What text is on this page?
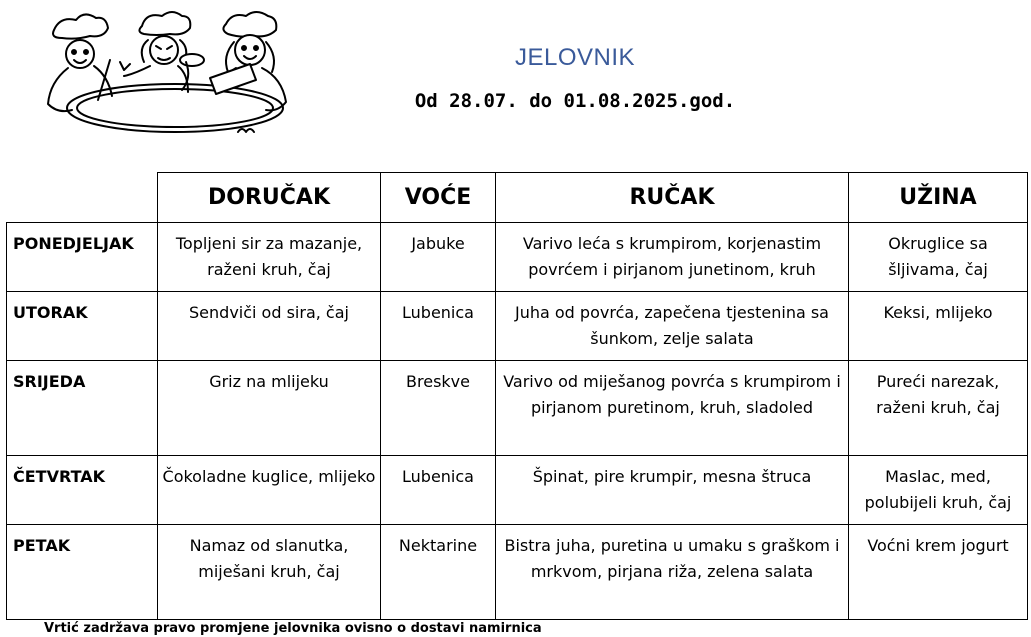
JELOVNIK
Od 28.07. do 01.08.2025.god.
	DORUČAK	VOĆE	RUČAK	UŽINA
PONEDJELJAK	Topljeni sir za mazanje, raženi kruh, čaj	Jabuke	Varivo leća s krumpirom, korjenastim povrćem i pirjanom junetinom, kruh	Okruglice sa šljivama, čaj
UTORAK	Sendviči od sira, čaj	Lubenica	Juha od povrća, zapečena tjestenina sa šunkom, zelje salata	Keksi, mlijeko
SRIJEDA	Griz na mlijeku	Breskve	Varivo od miješanog povrća s krumpirom i pirjanom puretinom, kruh, sladoled	Pureći narezak, raženi kruh, čaj
ČETVRTAK	Čokoladne kuglice, mlijeko	Lubenica	Špinat, pire krumpir, mesna štruca	Maslac, med, polubijeli kruh, čaj
PETAK	Namaz od slanutka, miješani kruh, čaj	Nektarine	Bistra juha, puretina u umaku s graškom i mrkvom, pirjana riža, zelena salata	Voćni krem jogurt
Vrtić zadržava pravo promjene jelovnika ovisno o dostavi namirnica
